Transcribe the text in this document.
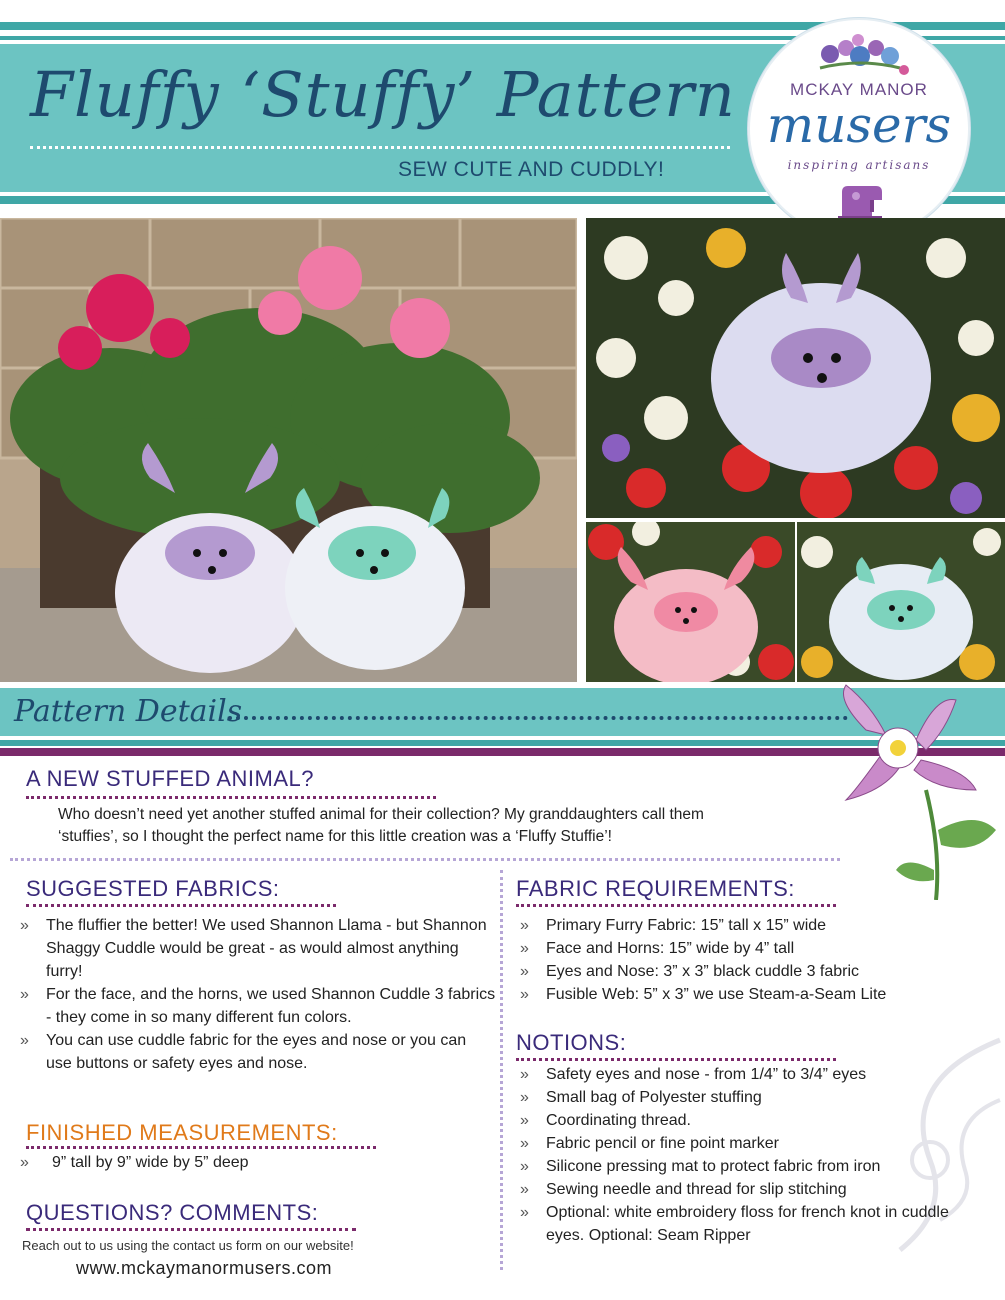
Fluffy ‘Stuffy’ Pattern
SEW CUTE AND CUDDLY!
MCKAY MANOR
musers
inspiring artisans
Pattern Details
A NEW STUFFED ANIMAL?
Who doesn’t need yet another stuffed animal for their collection? My granddaughters call them
‘stuffies’, so I thought the perfect name for this little creation was a ‘Fluffy Stuffie’!
SUGGESTED FABRICS:
» The fluffier the better! We used Shannon Llama - but Shannon Shaggy Cuddle would be great - as would almost anything furry!
» For the face, and the horns, we used Shannon Cuddle 3 fabrics - they come in so many different fun colors.
» You can use cuddle fabric for the eyes and nose or you can use buttons or safety eyes and nose.
FINISHED MEASUREMENTS:
» 9” tall by 9” wide by 5” deep
QUESTIONS? COMMENTS:
Reach out to us using the contact us form on our website!
www.mckaymanormusers.com
FABRIC REQUIREMENTS:
» Primary Furry Fabric: 15” tall x 15” wide
» Face and Horns: 15” wide by 4” tall
» Eyes and Nose: 3” x 3” black cuddle 3 fabric
» Fusible Web: 5” x 3” we use Steam-a-Seam Lite
NOTIONS:
» Safety eyes and nose - from 1/4” to 3/4” eyes
» Small bag of Polyester stuffing
» Coordinating thread.
» Fabric pencil or fine point marker
» Silicone pressing mat to protect fabric from iron
» Sewing needle and thread for slip stitching
» Optional: white embroidery floss for french knot in cuddle eyes. Optional: Seam Ripper
